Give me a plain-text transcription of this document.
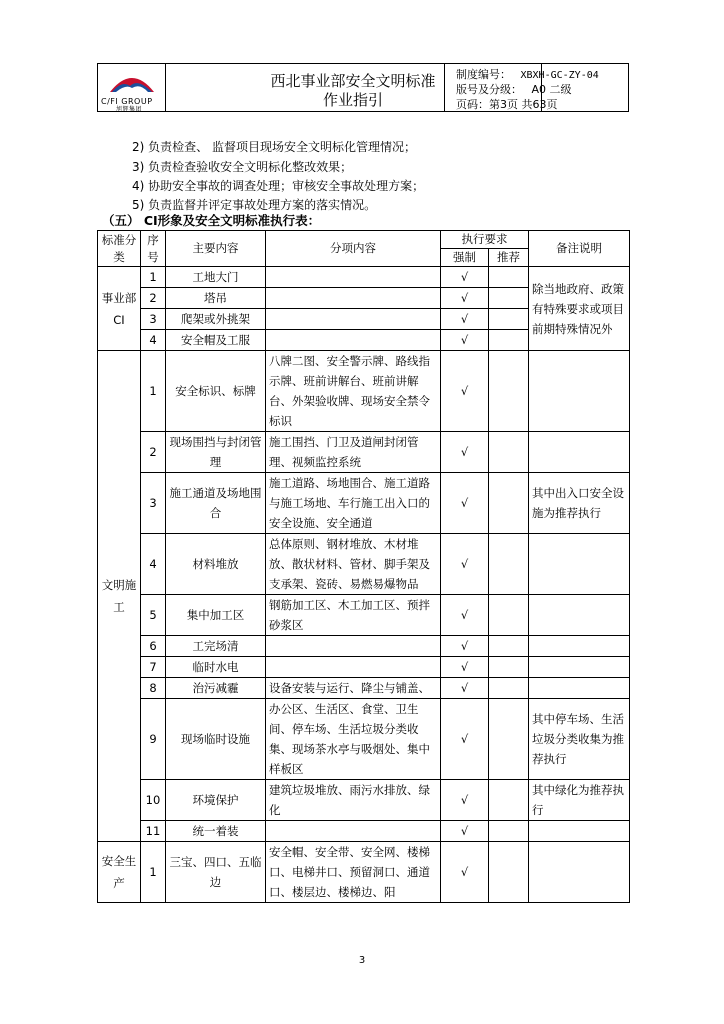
C/FI GROUP
旭辉集团
西北事业部安全文明标准
作业指引
制度编号： XBXH-GC-ZY-04
版号及分级： A0 二级
页码：第3页 共63页
2) 负责检查、 监督项目现场安全文明标化管理情况；
3) 负责检查验收安全文明标化整改效果；
4) 协助安全事故的调查处理；审核安全事故处理方案；
5) 负责监督并评定事故处理方案的落实情况。
（五） CI形象及安全文明标准执行表：
标准分类	序号	主要内容	分项内容	执行要求		备注说明
				强制	推荐	
事业部CI	1	工地大门		√		除当地政府、政策有特殊要求或项目前期特殊情况外
	2	塔吊		√		
	3	爬架或外挑架		√		
	4	安全帽及工服		√		
文明施工	1	安全标识、标牌	八牌二图、安全警示牌、路线指示牌、班前讲解台、班前讲解台、外架验收牌、现场安全禁令标识	√		
	2	现场围挡与封闭管理	施工围挡、门卫及道闸封闭管理、视频监控系统	√		
	3	施工通道及场地围合	施工道路、场地围合、施工道路与施工场地、车行施工出入口的安全设施、安全通道	√		其中出入口安全设施为推荐执行
	4	材料堆放	总体原则、钢材堆放、木材堆放、散状材料、管材、脚手架及支承架、瓷砖、易燃易爆物品	√		
	5	集中加工区	钢筋加工区、木工加工区、预拌砂浆区	√		
	6	工完场清		√		
	7	临时水电		√		
	8	治污减霾	设备安装与运行、降尘与铺盖、	√		
	9	现场临时设施	办公区、生活区、食堂、卫生间、停车场、生活垃圾分类收集、现场茶水亭与吸烟处、集中样板区	√		其中停车场、生活垃圾分类收集为推荐执行
	10	环境保护	建筑垃圾堆放、雨污水排放、绿化	√		其中绿化为推荐执行
	11	统一着装		√		
安全生产	1	三宝、四口、五临边	安全帽、安全带、安全网、楼梯口、电梯井口、预留洞口、通道口、楼层边、楼梯边、阳	√		
3
